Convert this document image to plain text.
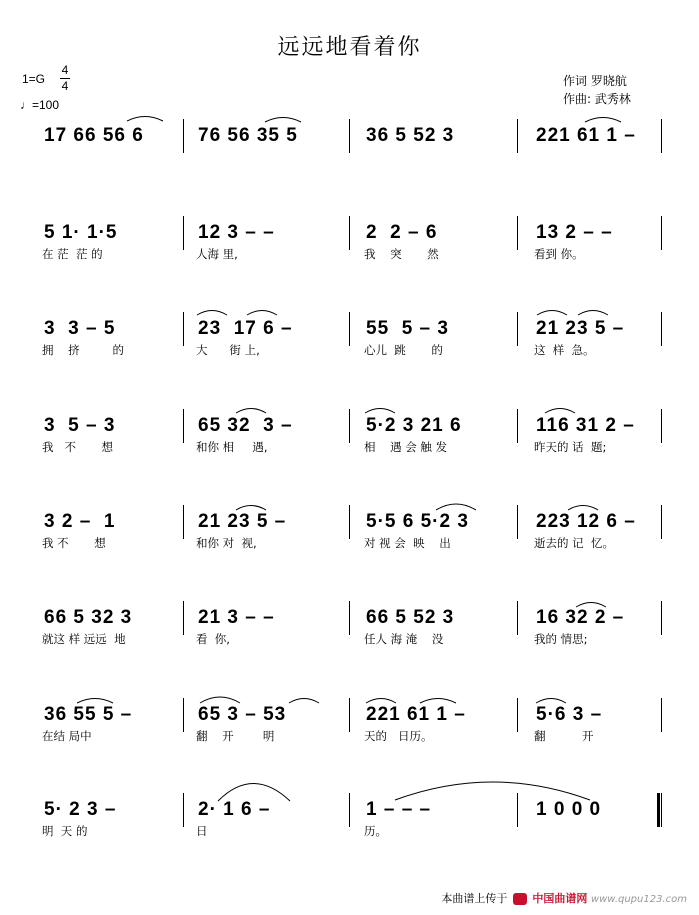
远远地看着你
1=G
4
4
♩=100
作词 罗晓航
作曲: 武秀林
17 66 56 6	76 56 35 5	36 5 52 3	221 61 1 –
5 1· 1·5
在 茫  茫 的
12 3 – –
人海 里,
2  2 – 6
我    突       然
13 2 – –
看到 你。
3  3 – 5
拥    挤         的
23  17 6 –
大      街 上,
55  5 – 3
心儿  跳       的
21 23 5 –
这  样  急。
3  5 – 3
我   不       想
65 32  3 –
和你 相     遇,
5·2 3 21 6
相    遇 会 触 发
116 31 2 –
昨天的 话  题;
3 2 –  1
我 不       想
21 23 5 –
和你 对  视,
5·5 6 5·2 3
对 视 会  映    出
223 12 6 –
逝去的 记  忆。
66 5 32 3
就这 样 远远  地
21 3 – –
看  你,
66 5 52 3
任人 海 淹    没
16 32 2 –
我的 情思;
36 55 5 –
在结 局中
65 3 – 53
翻    开        明
221 61 1 –
天的   日历。
5·6 3 –
翻          开
5· 2 3 –
明  天 的
2· 1 6 –
日
1 – – –
历。
1 0 0 0
本曲谱上传于 中国曲谱网 www.qupu123.com
